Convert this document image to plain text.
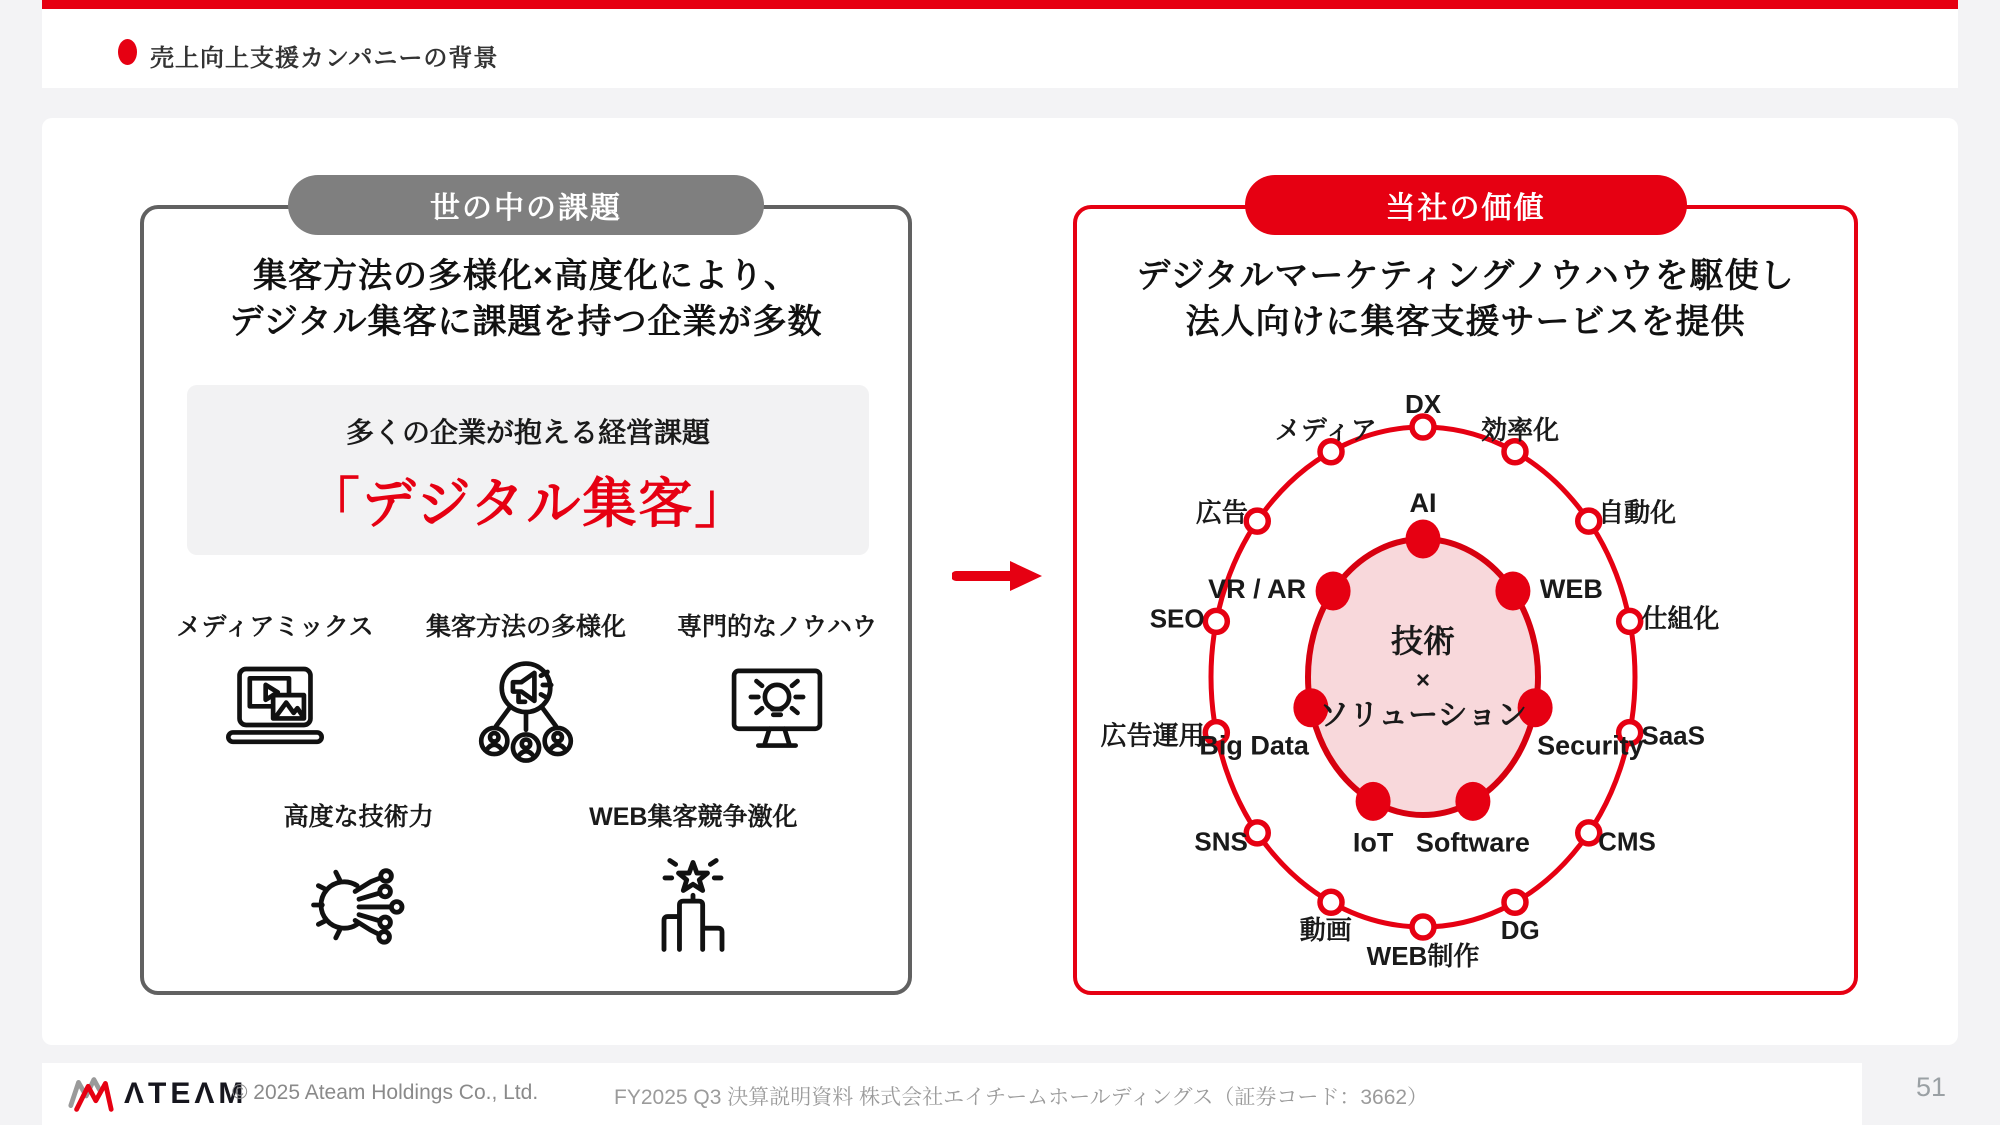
売上向上支援カンパニーの背景
世の中の課題
集客方法の多様化×高度化により、
デジタル集客に課題を持つ企業が多数
多くの企業が抱える経営課題
「デジタル集客」
メディアミックス 集客方法の多様化 専門的なノウハウ
高度な技術力	WEB集客競争激化
当社の価値
デジタルマーケティングノウハウを駆使し
法人向けに集客支援サービスを提供
DX
効率化
自動化
仕組化
SaaS
CMS
DG
WEB制作
動画
SNS
広告運用
SEO
広告
メディア
AI
WEB
Security
Software
IoT
Big Data
VR / AR
技術
×
ソリューション
ΛTEΛM
© 2025 Ateam Holdings Co., Ltd.	FY2025 Q3 決算説明資料 株式会社エイチームホールディングス（証券コード：3662）	51
